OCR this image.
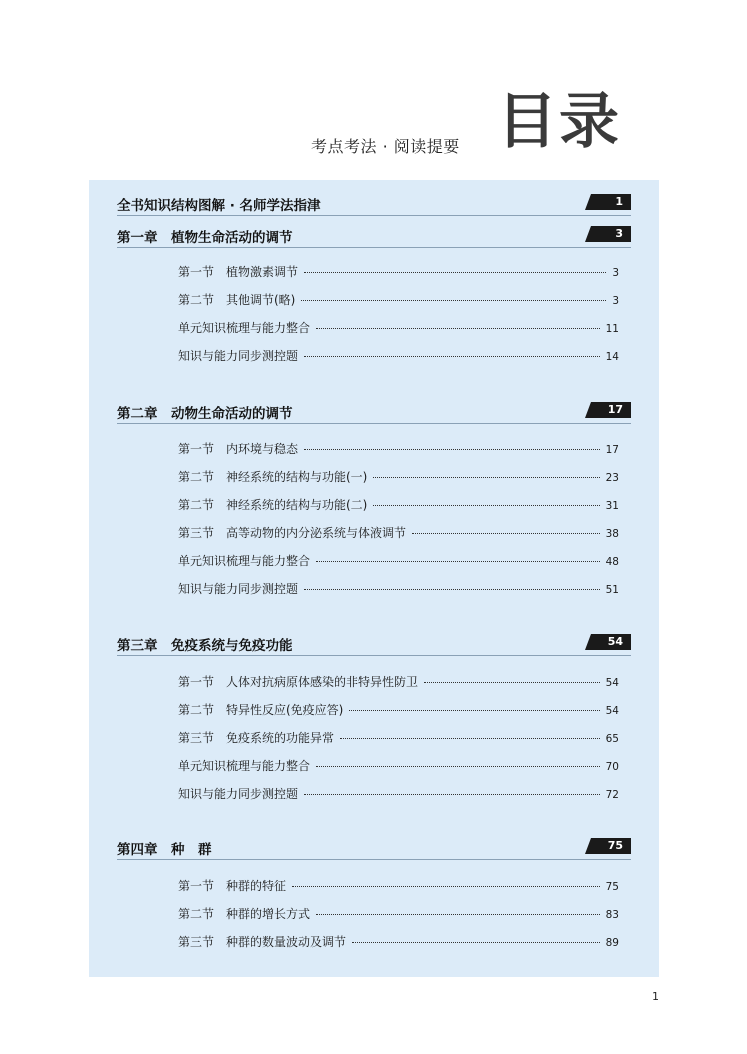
考点考法 · 阅读提要 目录
全书知识结构图解 · 名师学法指津	1
第一章　植物生命活动的调节	3
第一节　植物激素调节	3
第二节　其他调节(略)	3
单元知识梳理与能力整合	11
知识与能力同步测控题	14
第二章　动物生命活动的调节	17
第一节　内环境与稳态	17
第二节　神经系统的结构与功能(一)	23
第二节　神经系统的结构与功能(二)	31
第三节　高等动物的内分泌系统与体液调节	38
单元知识梳理与能力整合	48
知识与能力同步测控题	51
第三章　免疫系统与免疫功能	54
第一节　人体对抗病原体感染的非特异性防卫	54
第二节　特异性反应(免疫应答)	54
第三节　免疫系统的功能异常	65
单元知识梳理与能力整合	70
知识与能力同步测控题	72
第四章　种　群	75
第一节　种群的特征	75
第二节　种群的增长方式	83
第三节　种群的数量波动及调节	89
1
